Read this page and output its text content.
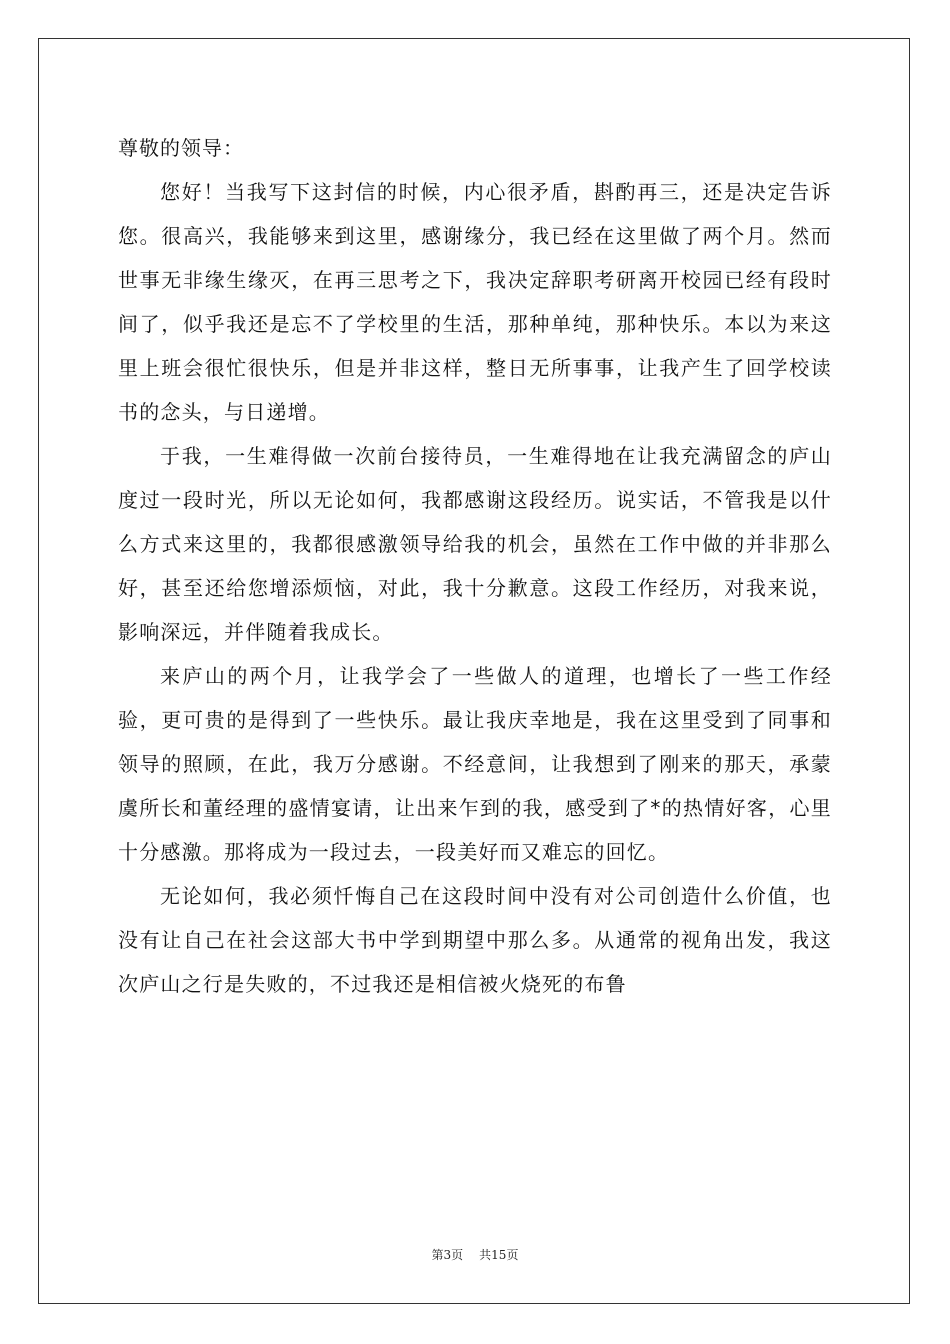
尊敬的领导：

您好！当我写下这封信的时候，内心很矛盾，斟酌再三，还是决定告诉您。很高兴，我能够来到这里，感谢缘分，我已经在这里做了两个月。然而世事无非缘生缘灭，在再三思考之下，我决定辞职考研离开校园已经有段时间了，似乎我还是忘不了学校里的生活，那种单纯，那种快乐。本以为来这里上班会很忙很快乐，但是并非这样，整日无所事事，让我产生了回学校读书的念头，与日递增。

于我，一生难得做一次前台接待员，一生难得地在让我充满留念的庐山度过一段时光，所以无论如何，我都感谢这段经历。说实话，不管我是以什么方式来这里的，我都很感激领导给我的机会，虽然在工作中做的并非那么好，甚至还给您增添烦恼，对此，我十分歉意。这段工作经历，对我来说，影响深远，并伴随着我成长。

来庐山的两个月，让我学会了一些做人的道理，也增长了一些工作经验，更可贵的是得到了一些快乐。最让我庆幸地是，我在这里受到了同事和领导的照顾，在此，我万分感谢。不经意间，让我想到了刚来的那天，承蒙虞所长和董经理的盛情宴请，让出来乍到的我，感受到了*的热情好客，心里十分感激。那将成为一段过去，一段美好而又难忘的回忆。

无论如何，我必须忏悔自己在这段时间中没有对公司创造什么价值，也没有让自己在社会这部大书中学到期望中那么多。从通常的视角出发，我这次庐山之行是失败的，不过我还是相信被火烧死的布鲁

第3页 共15页
